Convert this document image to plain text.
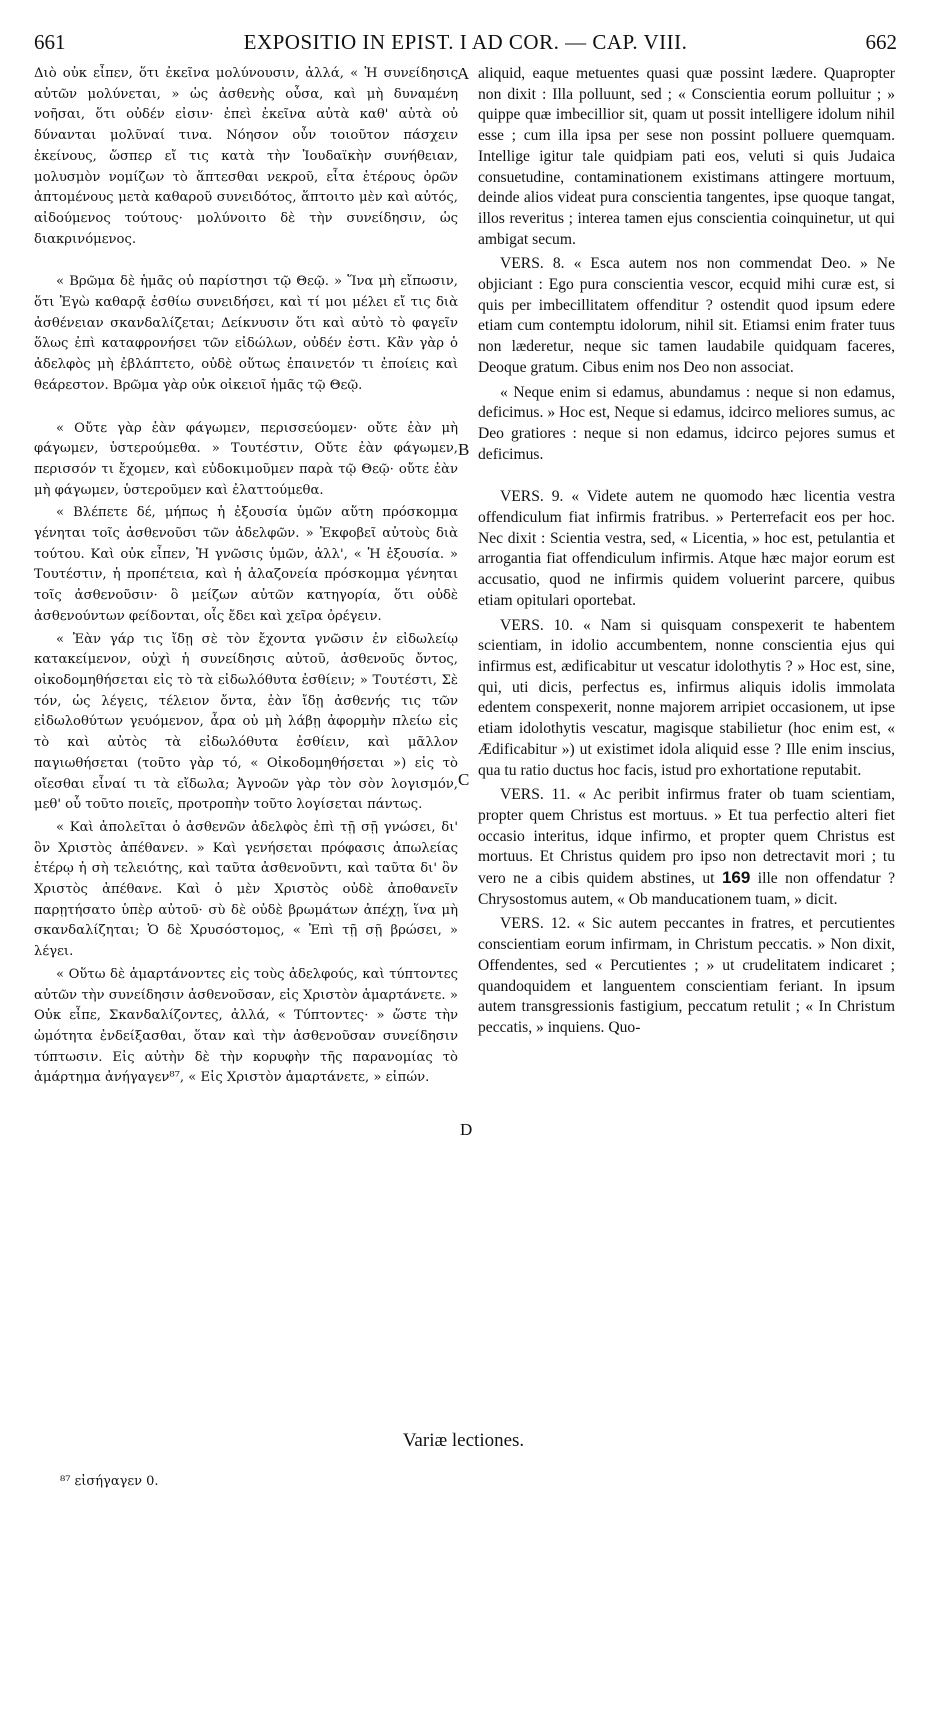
661	EXPOSITIO IN EPIST. I AD COR. — CAP. VIII.	662

Διὸ οὐκ εἶπεν, ὅτι ἐκεῖνα μολύνουσιν, ἀλλά, « Ἡ συνείδησις αὐτῶν μολύνεται, » ὡς ἀσθενὴς οὖσα, καὶ μὴ δυναμένη νοῆσαι, ὅτι οὐδέν εἰσιν· ἐπεὶ ἐκεῖνα αὐτὰ καθ' αὑτὰ οὐ δύνανται μολῦναί τινα. Νόησον οὖν τοιοῦτον πάσχειν ἐκείνους, ὥσπερ εἴ τις κατὰ τὴν Ἰουδαϊκὴν συνήθειαν, μολυσμὸν νομίζων τὸ ἅπτεσθαι νεκροῦ, εἶτα ἑτέρους ὁρῶν ἀπτομένους μετὰ καθαροῦ συνειδότος, ἅπτοιτο μὲν καὶ αὐτός, αἰδούμενος τούτους· μολύνοιτο δὲ τὴν συνείδησιν, ὡς διακρινόμενος.

« Βρῶμα δὲ ἡμᾶς οὐ παρίστησι τῷ Θεῷ. » Ἵνα μὴ εἴπωσιν, ὅτι Ἐγὼ καθαρᾷ ἐσθίω συνειδήσει, καὶ τί μοι μέλει εἴ τις διὰ ἀσθένειαν σκανδαλίζεται; Δείκνυσιν ὅτι καὶ αὐτὸ τὸ φαγεῖν ὅλως ἐπὶ καταφρονήσει τῶν εἰδώλων, οὐδέν ἐστι. Κἂν γὰρ ὁ ἀδελφὸς μὴ ἐβλάπτετο, οὐδὲ οὕτως ἐπαινετόν τι ἐποίεις καὶ θεάρεστον. Βρῶμα γὰρ οὐκ οἰκειοῖ ἡμᾶς τῷ Θεῷ.

« Οὔτε γὰρ ἐὰν φάγωμεν, περισσεύομεν· οὔτε ἐὰν μὴ φάγωμεν, ὑστερούμεθα. » Τουτέστιν, Οὔτε ἐὰν φάγωμεν, περισσόν τι ἔχομεν, καὶ εὐδοκιμοῦμεν παρὰ τῷ Θεῷ· οὔτε ἐὰν μὴ φάγωμεν, ὑστεροῦμεν καὶ ἐλαττούμεθα.

« Βλέπετε δέ, μήπως ἡ ἐξουσία ὑμῶν αὕτη πρόσκομμα γένηται τοῖς ἀσθενοῦσι τῶν ἀδελφῶν. » Ἐκφοβεῖ αὐτοὺς διὰ τούτου. Καὶ οὐκ εἶπεν, Ἡ γνῶσις ὑμῶν, ἀλλ', « Ἡ ἐξουσία. » Τουτέστιν, ἡ προπέτεια, καὶ ἡ ἀλαζονεία πρόσκομμα γένηται τοῖς ἀσθενοῦσιν· ὃ μείζων αὐτῶν κατηγορία, ὅτι οὐδὲ ἀσθενούντων φείδονται, οἷς ἔδει καὶ χεῖρα ὀρέγειν.

« Ἐὰν γάρ τις ἴδῃ σὲ τὸν ἔχοντα γνῶσιν ἐν εἰδωλείῳ κατακείμενον, οὐχὶ ἡ συνείδησις αὐτοῦ, ἀσθενοῦς ὄντος, οἰκοδομηθήσεται εἰς τὸ τὰ εἰδωλόθυτα ἐσθίειν; » Τουτέστι, Σὲ τόν, ὡς λέγεις, τέλειον ὄντα, ἐὰν ἴδῃ ἀσθενής τις τῶν εἰδωλοθύτων γευόμενον, ἆρα οὐ μὴ λάβῃ ἀφορμὴν πλείω εἰς τὸ καὶ αὐτὸς τὰ εἰδωλόθυτα ἐσθίειν, καὶ μᾶλλον παγιωθήσεται (τοῦτο γὰρ τό, « Οἰκοδομηθήσεται ») εἰς τὸ οἴεσθαι εἶναί τι τὰ εἴδωλα; Ἀγνοῶν γὰρ τὸν σὸν λογισμόν, μεθ' οὗ τοῦτο ποιεῖς, προτροπὴν τοῦτο λογίσεται πάντως.

« Καὶ ἀπολεῖται ὁ ἀσθενῶν ἀδελφὸς ἐπὶ τῇ σῇ γνώσει, δι' ὃν Χριστὸς ἀπέθανεν. » Καὶ γενήσεται πρόφασις ἀπωλείας ἑτέρῳ ἡ σὴ τελειότης, καὶ ταῦτα ἀσθενοῦντι, καὶ ταῦτα δι' ὃν Χριστὸς ἀπέθανε. Καὶ ὁ μὲν Χριστὸς οὐδὲ ἀποθανεῖν παρῃτήσατο ὑπὲρ αὐτοῦ· σὺ δὲ οὐδὲ βρωμάτων ἀπέχῃ, ἵνα μὴ σκανδαλίζηται; Ὁ δὲ Χρυσόστομος, « Ἐπὶ τῇ σῇ βρώσει, » λέγει.

« Οὕτω δὲ ἁμαρτάνοντες εἰς τοὺς ἀδελφούς, καὶ τύπτοντες αὐτῶν τὴν συνείδησιν ἀσθενοῦσαν, εἰς Χριστὸν ἁμαρτάνετε. » Οὐκ εἶπε, Σκανδαλίζοντες, ἀλλά, « Τύπτοντες· » ὥστε τὴν ὠμότητα ἐνδείξασθαι, ὅταν καὶ τὴν ἀσθενοῦσαν συνείδησιν τύπτωσιν. Εἰς αὐτὴν δὲ τὴν κορυφὴν τῆς παρανομίας τὸ ἁμάρτημα ἀνήγαγεν⁸⁷, « Εἰς Χριστὸν ἁμαρτάνετε, » εἰπών.

A
B
C
D

aliquid, eaque metuentes quasi quæ possint lædere. Quapropter non dixit : Illa polluunt, sed ; « Conscientia eorum polluitur ; » quippe quæ imbecillior sit, quam ut possit intelligere idolum nihil esse ; cum illa ipsa per sese non possint polluere quemquam. Intellige igitur tale quidpiam pati eos, veluti si quis Judaica consuetudine, contaminationem existimans attingere mortuum, deinde alios videat pura conscientia tangentes, ipse quoque tangat, illos reveritus ; interea tamen ejus conscientia coinquinetur, ut qui ambigat secum.

VERS. 8. « Esca autem nos non commendat Deo. » Ne objiciant : Ego pura conscientia vescor, ecquid mihi curæ est, si quis per imbecillitatem offenditur ? ostendit quod ipsum edere etiam cum contemptu idolorum, nihil sit. Etiamsi enim frater tuus non læderetur, neque sic tamen laudabile quidquam faceres, Deoque gratum. Cibus enim nos Deo non associat.

« Neque enim si edamus, abundamus : neque si non edamus, deficimus. » Hoc est, Neque si edamus, idcirco meliores sumus, ac Deo gratiores : neque si non edamus, idcirco pejores sumus et deficimus.

VERS. 9. « Videte autem ne quomodo hæc licentia vestra offendiculum fiat infirmis fratribus. » Perterrefacit eos per hoc. Nec dixit : Scientia vestra, sed, « Licentia, » hoc est, petulantia et arrogantia fiat offendiculum infirmis. Atque hæc major eorum est accusatio, quod ne infirmis quidem voluerint parcere, quibus etiam opitulari oportebat.

VERS. 10. « Nam si quisquam conspexerit te habentem scientiam, in idolio accumbentem, nonne conscientia ejus qui infirmus est, ædificabitur ut vescatur idolothytis ? » Hoc est, sine, qui, uti dicis, perfectus es, infirmus aliquis idolis immolata edentem conspexerit, nonne majorem arripiet occasionem, ut ipse etiam idolothytis vescatur, magisque stabilietur (hoc enim est, « Ædificabitur ») ut existimet idola aliquid esse ? Ille enim inscius, qua tu ratio ductus hoc facis, istud pro exhortatione reputabit.

VERS. 11. « Ac peribit infirmus frater ob tuam scientiam, propter quem Christus est mortuus. » Et tua perfectio alteri fiet occasio interitus, idque infirmo, et propter quem Christus est mortuus. Et Christus quidem pro ipso non detrectavit mori ; tu vero ne a cibis quidem abstines, ut 169 ille non offendatur ? Chrysostomus autem, « Ob manducationem tuam, » dicit.

VERS. 12. « Sic autem peccantes in fratres, et percutientes conscientiam eorum infirmam, in Christum peccatis. » Non dixit, Offendentes, sed « Percutientes ; » ut crudelitatem indicaret ; quandoquidem et languentem conscientiam feriant. In ipsum autem transgressionis fastigium, peccatum retulit ; « In Christum peccatis, » inquiens. Quo-

Variæ lectiones.
⁸⁷ εἰσήγαγεν 0.
